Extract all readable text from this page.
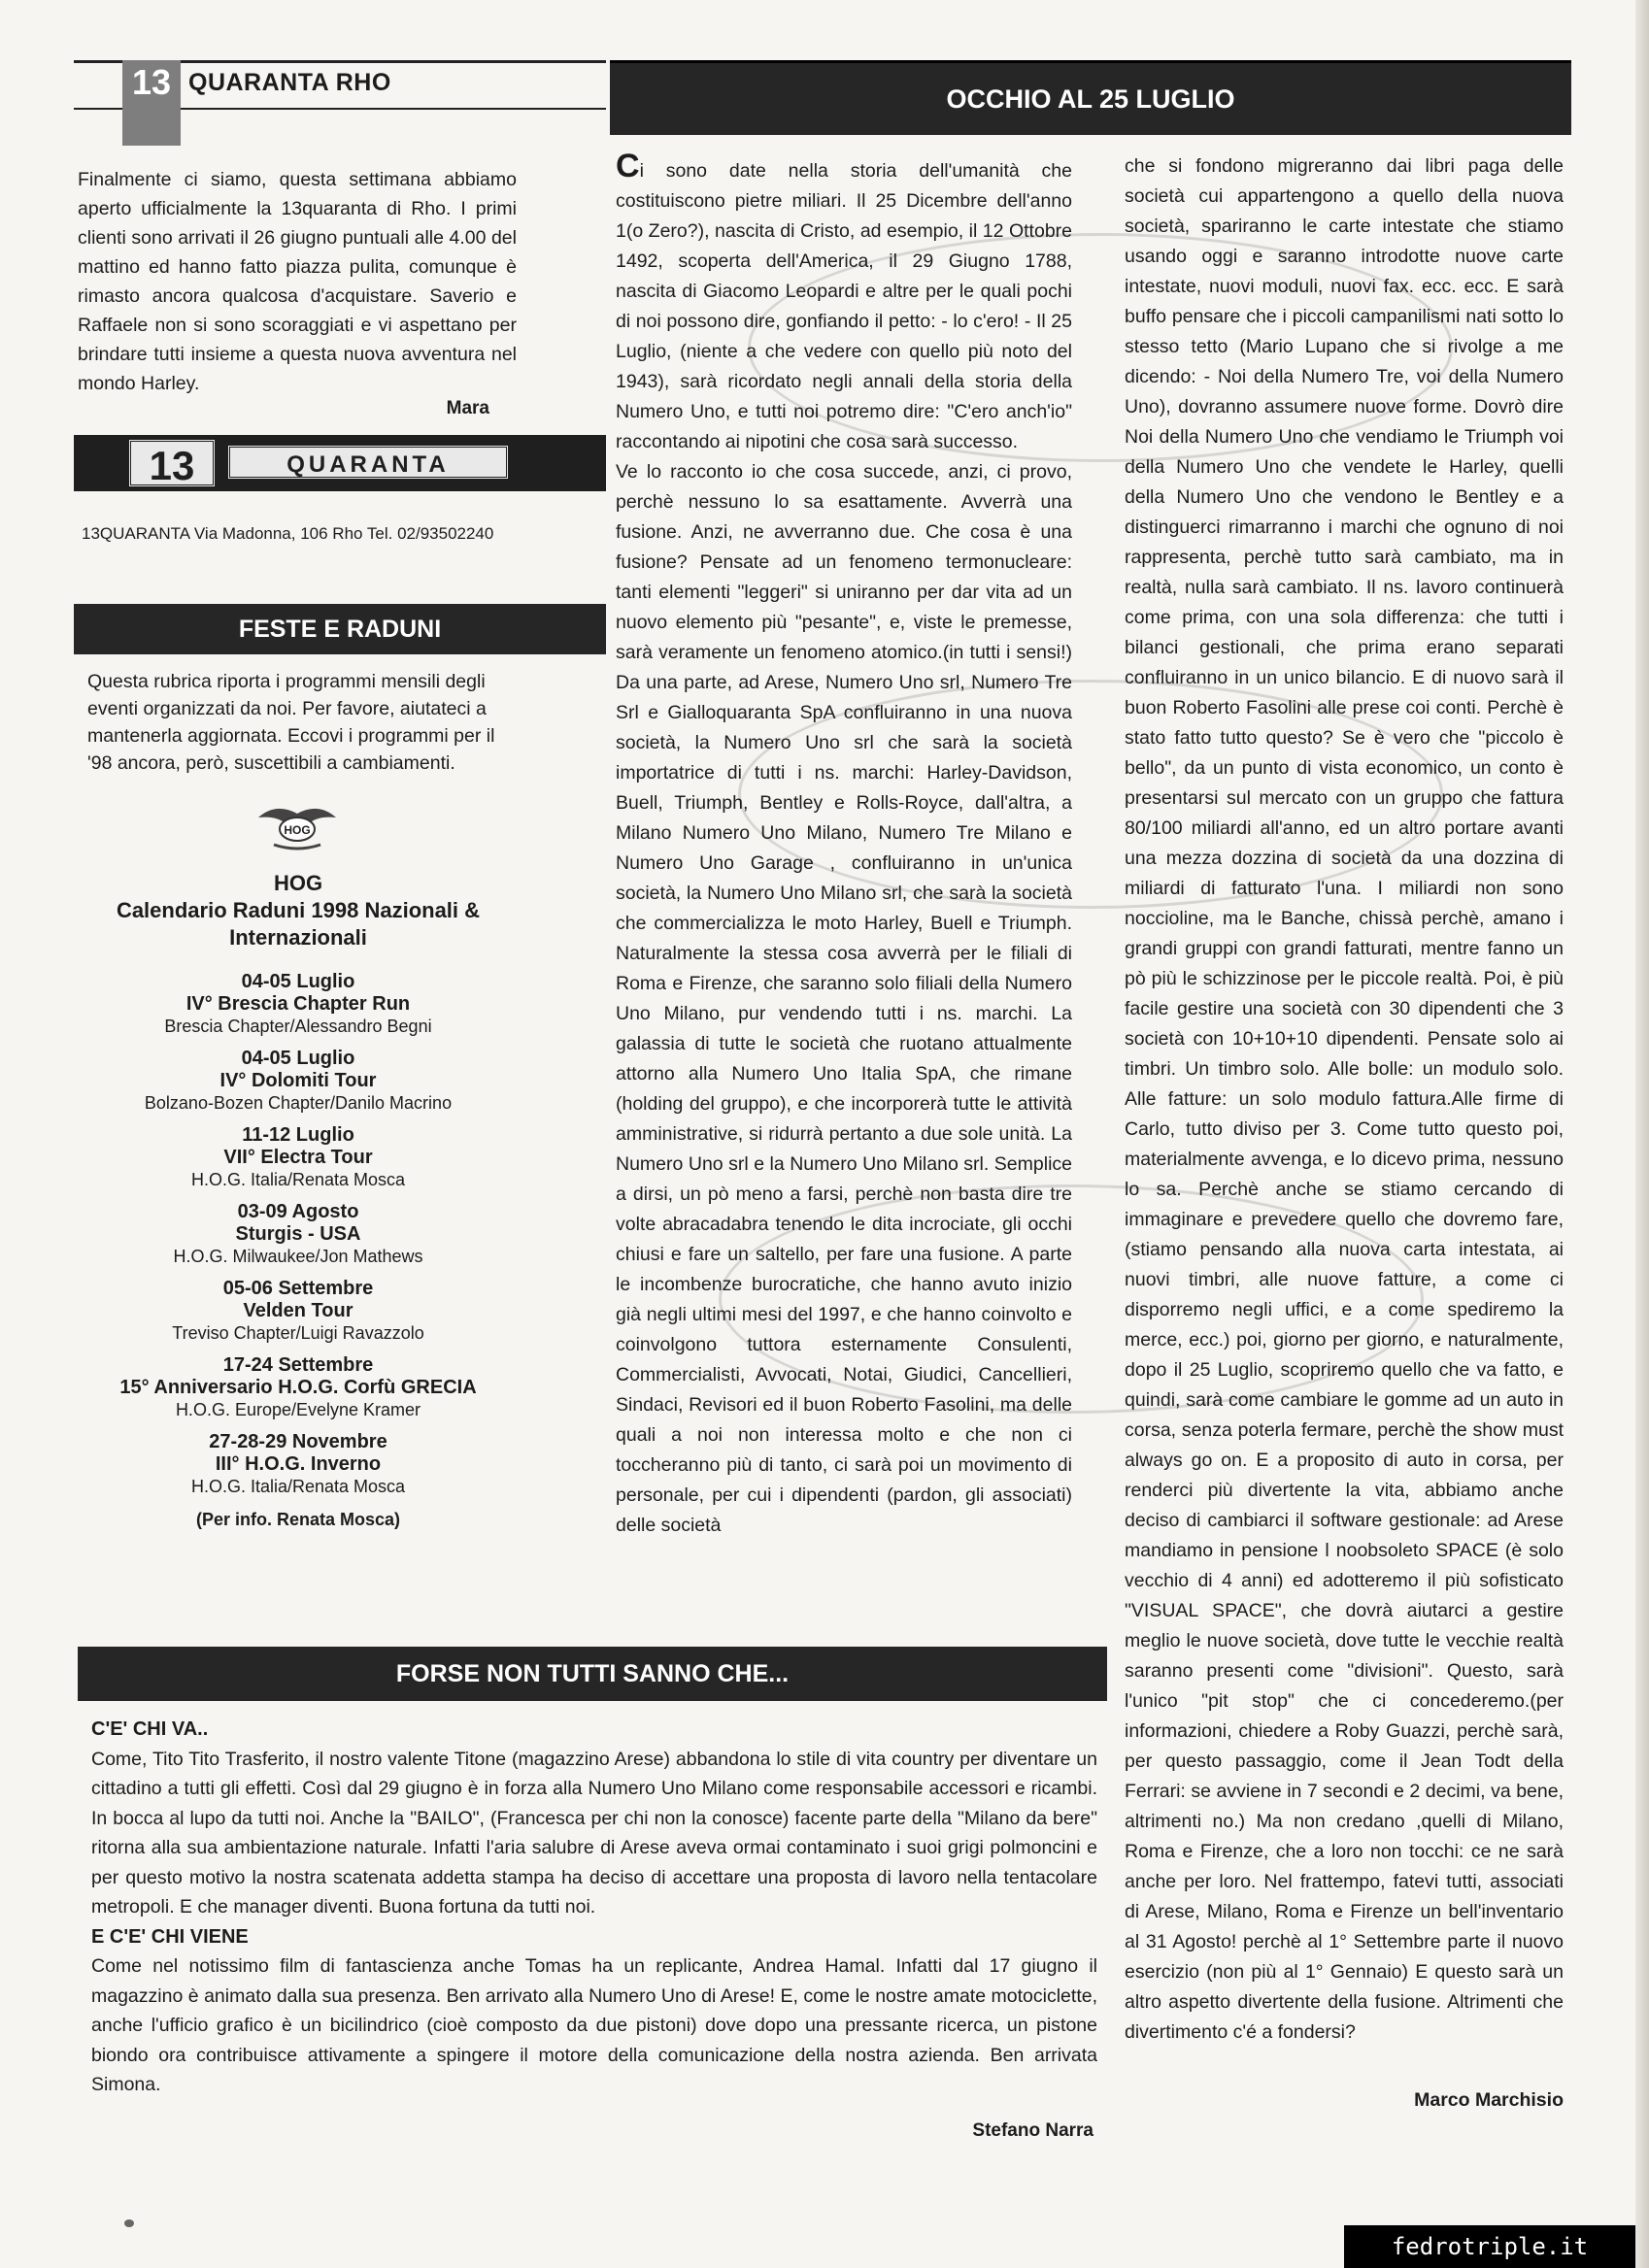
13 QUARANTA RHO
Finalmente ci siamo, questa settimana abbiamo aperto ufficialmente la 13quaranta di Rho. I primi clienti sono arrivati il 26 giugno puntuali alle 4.00 del mattino ed hanno fatto piazza pulita, comunque è rimasto ancora qualcosa d'acquistare. Saverio e Raffaele non si sono scoraggiati e vi aspettano per brindare tutti insieme a questa nuova avventura nel mondo Harley.
Mara
13	QUARANTA
13QUARANTA Via Madonna, 106 Rho Tel. 02/93502240
FESTE E RADUNI
Questa rubrica riporta i programmi mensili degli eventi organizzati da noi. Per favore, aiutateci a mantenerla aggiornata. Eccovi i programmi per il '98 ancora, però, suscettibili a cambiamenti.
HOG
HOG
Calendario Raduni 1998 Nazionali & Internazionali
04-05 Luglio
IV° Brescia Chapter Run
Brescia Chapter/Alessandro Begni
04-05 Luglio
IV° Dolomiti Tour
Bolzano-Bozen Chapter/Danilo Macrino
11-12 Luglio
VII° Electra Tour
H.O.G. Italia/Renata Mosca
03-09 Agosto
Sturgis - USA
H.O.G. Milwaukee/Jon Mathews
05-06 Settembre
Velden Tour
Treviso Chapter/Luigi Ravazzolo
17-24 Settembre
15° Anniversario H.O.G. Corfù GRECIA
H.O.G. Europe/Evelyne Kramer
27-28-29 Novembre
III° H.O.G. Inverno
H.O.G. Italia/Renata Mosca
(Per info. Renata Mosca)
OCCHIO AL 25 LUGLIO
Ci sono date nella storia dell'umanità che costituiscono pietre miliari. Il 25 Dicembre dell'anno 1(o Zero?), nascita di Cristo, ad esempio, il 12 Ottobre 1492, scoperta dell'America, il 29 Giugno 1788, nascita di Giacomo Leopardi e altre per le quali pochi di noi possono dire, gonfiando il petto: - lo c'ero! - Il 25 Luglio, (niente a che vedere con quello più noto del 1943), sarà ricordato negli annali della storia della Numero Uno, e tutti noi potremo dire: "C'ero anch'io" raccontando ai nipotini che cosa sarà successo.
Ve lo racconto io che cosa succede, anzi, ci provo, perchè nessuno lo sa esattamente. Avverrà una fusione. Anzi, ne avverranno due. Che cosa è una fusione? Pensate ad un fenomeno termonucleare: tanti elementi "leggeri" si uniranno per dar vita ad un nuovo elemento più "pesante", e, viste le premesse, sarà veramente un fenomeno atomico.(in tutti i sensi!) Da una parte, ad Arese, Numero Uno srl, Numero Tre Srl e Gialloquaranta SpA confluiranno in una nuova società, la Numero Uno srl che sarà la società importatrice di tutti i ns. marchi: Harley-Davidson, Buell, Triumph, Bentley e Rolls-Royce, dall'altra, a Milano Numero Uno Milano, Numero Tre Milano e Numero Uno Garage , confluiranno in un'unica società, la Numero Uno Milano srl, che sarà la società che commercializza le moto Harley, Buell e Triumph. Naturalmente la stessa cosa avverrà per le filiali di Roma e Firenze, che saranno solo filiali della Numero Uno Milano, pur vendendo tutti i ns. marchi. La galassia di tutte le società che ruotano attualmente attorno alla Numero Uno Italia SpA, che rimane (holding del gruppo), e che incorporerà tutte le attività amministrative, si ridurrà pertanto a due sole unità. La Numero Uno srl e la Numero Uno Milano srl. Semplice a dirsi, un pò meno a farsi, perchè non basta dire tre volte abracadabra tenendo le dita incrociate, gli occhi chiusi e fare un saltello, per fare una fusione. A parte le incombenze burocratiche, che hanno avuto inizio già negli ultimi mesi del 1997, e che hanno coinvolto e coinvolgono tuttora esternamente Consulenti, Commercialisti, Avvocati, Notai, Giudici, Cancellieri, Sindaci, Revisori ed il buon Roberto Fasolini, ma delle quali a noi non interessa molto e che non ci toccheranno più di tanto, ci sarà poi un movimento di personale, per cui i dipendenti (pardon, gli associati) delle società
che si fondono migreranno dai libri paga delle società cui appartengono a quello della nuova società, spariranno le carte intestate che stiamo usando oggi e saranno introdotte nuove carte intestate, nuovi moduli, nuovi fax. ecc. ecc. E sarà buffo pensare che i piccoli campanilismi nati sotto lo stesso tetto (Mario Lupano che si rivolge a me dicendo: - Noi della Numero Tre, voi della Numero Uno), dovranno assumere nuove forme. Dovrò dire Noi della Numero Uno che vendiamo le Triumph voi della Numero Uno che vendete le Harley, quelli della Numero Uno che vendono le Bentley e a distinguerci rimarranno i marchi che ognuno di noi rappresenta, perchè tutto sarà cambiato, ma in realtà, nulla sarà cambiato. Il ns. lavoro continuerà come prima, con una sola differenza: che tutti i bilanci gestionali, che prima erano separati confluiranno in un unico bilancio. E di nuovo sarà il buon Roberto Fasolini alle prese coi conti. Perchè è stato fatto tutto questo? Se è vero che "piccolo è bello", da un punto di vista economico, un conto è presentarsi sul mercato con un gruppo che fattura 80/100 miliardi all'anno, ed un altro portare avanti una mezza dozzina di società da una dozzina di miliardi di fatturato l'una. I miliardi non sono noccioline, ma le Banche, chissà perchè, amano i grandi gruppi con grandi fatturati, mentre fanno un pò più le schizzinose per le piccole realtà. Poi, è più facile gestire una società con 30 dipendenti che 3 società con 10+10+10 dipendenti. Pensate solo ai timbri. Un timbro solo. Alle bolle: un modulo solo. Alle fatture: un solo modulo fattura.Alle firme di Carlo, tutto diviso per 3. Come tutto questo poi, materialmente avvenga, e lo dicevo prima, nessuno lo sa. Perchè anche se stiamo cercando di immaginare e prevedere quello che dovremo fare, (stiamo pensando alla nuova carta intestata, ai nuovi timbri, alle nuove fatture, a come ci disporremo negli uffici, e a come spediremo la merce, ecc.) poi, giorno per giorno, e naturalmente, dopo il 25 Luglio, scopriremo quello che va fatto, e quindi, sarà come cambiare le gomme ad un auto in corsa, senza poterla fermare, perchè the show must always go on. E a proposito di auto in corsa, per renderci più divertente la vita, abbiamo anche deciso di cambiarci il software gestionale: ad Arese mandiamo in pensione l noobsoleto SPACE (è solo vecchio di 4 anni) ed adotteremo il più sofisticato "VISUAL SPACE", che dovrà aiutarci a gestire meglio le nuove società, dove tutte le vecchie realtà saranno presenti come "divisioni". Questo, sarà l'unico "pit stop" che ci concederemo.(per informazioni, chiedere a Roby Guazzi, perchè sarà, per questo passaggio, come il Jean Todt della Ferrari: se avviene in 7 secondi e 2 decimi, va bene, altrimenti no.) Ma non credano ,quelli di Milano, Roma e Firenze, che a loro non tocchi: ce ne sarà anche per loro. Nel frattempo, fatevi tutti, associati di Arese, Milano, Roma e Firenze un bell'inventario al 31 Agosto! perchè al 1° Settembre parte il nuovo esercizio (non più al 1° Gennaio) E questo sarà un altro aspetto divertente della fusione. Altrimenti che divertimento c'é a fondersi?
Marco Marchisio
FORSE NON TUTTI SANNO CHE...
C'E' CHI VA..

Come, Tito Tito Trasferito, il nostro valente Titone (magazzino Arese) abbandona lo stile di vita country per diventare un cittadino a tutti gli effetti. Così dal 29 giugno è in forza alla Numero Uno Milano come responsabile accessori e ricambi. In bocca al lupo da tutti noi. Anche la "BAILO", (Francesca per chi non la conosce) facente parte della "Milano da bere" ritorna alla sua ambientazione naturale. Infatti l'aria salubre di Arese aveva ormai contaminato i suoi grigi polmoncini e per questo motivo la nostra scatenata addetta stampa ha deciso di accettare una proposta di lavoro nella tentacolare metropoli. E che manager diventi. Buona fortuna da tutti noi.

E C'E' CHI VIENE

Come nel notissimo film di fantascienza anche Tomas ha un replicante, Andrea Hamal. Infatti dal 17 giugno il magazzino è animato dalla sua presenza. Ben arrivato alla Numero Uno di Arese! E, come le nostre amate motociclette, anche l'ufficio grafico è un bicilindrico (cioè composto da due pistoni) dove dopo una pressante ricerca, un pistone biondo ora contribuisce attivamente a spingere il motore della comunicazione della nostra azienda. Ben arrivata Simona.

Stefano Narra
fedrotriple.it
